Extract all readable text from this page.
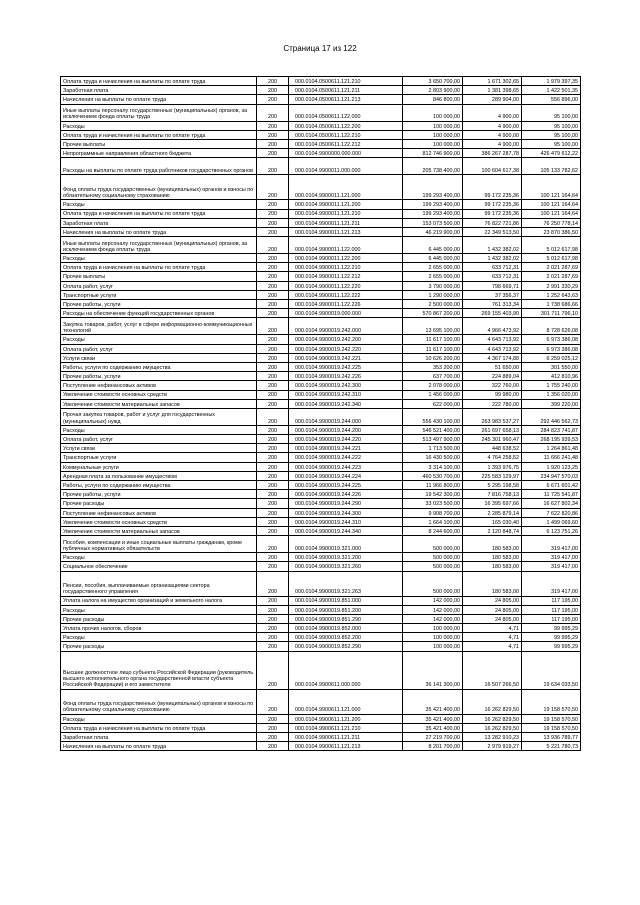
Страница 17 из 122
Оплата труда и начисления на выплаты по оплате труда	200	000.0104.0500611.121.210	3 650 700,00	1 671 302,65	1 979 397,35
Заработная плата	200	000.0104.0500611.121.211	2 803 900,00	1 381 398,65	1 422 501,35
Начисления на выплаты по оплате труда	200	000.0104.0500611.121.213	846 800,00	289 904,00	556 896,00
Иные выплаты персоналу государственных (муниципальных) органов, за исключением фонда оплаты труда	200	000.0104.0500611.122.000	100 000,00	4 900,00	95 100,00
Расходы	200	000.0104.0500611.122.200	100 000,00	4 900,00	95 100,00
Оплата труда и начисления на выплаты по оплате труда	200	000.0104.0500611.122.210	100 000,00	4 900,00	95 100,00
Прочие выплаты	200	000.0104.0500611.122.212	100 000,00	4 900,00	95 100,00
Непрограммные направления областного бюджета	200	000.0104.9900000.000.000	812 746 900,00	386 267 287,78	426 479 612,22
Расходы на выплаты по оплате труда работников государственных органов	200	000.0104.9900011.000.000	205 738 400,00	100 604 617,38	105 133 782,62
Фонд оплаты труда государственных (муниципальных) органов и взносы по обязательному социальному страхованию	200	000.0104.9900011.121.000	199 293 400,00	99 172 235,36	100 121 164,64
Расходы	200	000.0104.9900011.121.200	199 293 400,00	99 172 235,36	100 121 164,64
Оплата труда и начисления на выплаты по оплате труда	200	000.0104.9900011.121.210	199 293 400,00	99 172 235,36	100 121 164,64
Заработная плата	200	000.0104.9900011.121.211	153 073 500,00	76 822 721,86	76 250 778,14
Начисления на выплаты по оплате труда	200	000.0104.9900011.121.213	46 219 900,00	22 349 513,50	23 870 386,50
Иные выплаты персоналу государственных (муниципальных) органов, за исключением фонда оплаты труда	200	000.0104.9900011.122.000	6 445 000,00	1 432 382,02	5 012 617,98
Расходы	200	000.0104.9900011.122.200	6 445 000,00	1 432 382,02	5 012 617,98
Оплата труда и начисления на выплаты по оплате труда	200	000.0104.9900011.122.210	2 655 000,00	633 712,31	2 021 287,69
Прочие выплаты	200	000.0104.9900011.122.212	2 655 000,00	633 712,31	2 021 287,69
Оплата работ, услуг	200	000.0104.9900011.122.220	3 790 000,00	798 669,71	2 991 330,29
Транспортные услуги	200	000.0104.9900011.122.222	1 290 000,00	37 356,37	1 252 643,63
Прочие работы, услуги	200	000.0104.9900011.122.226	2 500 000,00	761 313,34	1 738 686,66
Расходы на обеспечение функций государственных органов	200	000.0104.9900019.000.000	570 867 200,00	269 155 403,90	301 711 796,10
Закупка товаров, работ, услуг в сфере информационно-коммуникационных технологий	200	000.0104.9900019.242.000	13 695 100,00	4 966 473,92	8 728 626,08
Расходы	200	000.0104.9900019.242.200	11 617 100,00	4 643 713,92	6 973 386,08
Оплата работ, услуг	200	000.0104.9900019.242.220	11 617 100,00	4 643 713,92	6 973 386,08
Услуги связи	200	000.0104.9900019.242.221	10 626 200,00	4 367 174,88	6 259 025,12
Работы, услуги по содержанию имущества	200	000.0104.9900019.242.225	353 200,00	51 650,00	301 550,00
Прочие работы, услуги	200	000.0104.9900019.242.226	637 700,00	224 889,04	412 810,96
Поступление нефинансовых активов	200	000.0104.9900019.242.300	2 078 000,00	322 760,00	1 755 240,00
Увеличение стоимости основных средств	200	000.0104.9900019.242.310	1 456 000,00	99 980,00	1 356 020,00
Увеличение стоимости материальных запасов	200	000.0104.9900019.242.340	622 000,00	222 780,00	399 220,00
Прочая закупка товаров, работ и услуг для государственных (муниципальных) нужд	200	000.0104.9900019.244.000	556 430 100,00	263 983 537,27	292 446 562,73
Расходы	200	000.0104.9900019.244.200	546 521 400,00	261 697 658,13	284 823 741,87
Оплата работ, услуг	200	000.0104.9900019.244.220	513 497 900,00	245 301 960,47	268 195 939,53
Услуги связи	200	000.0104.9900019.244.221	1 713 500,00	448 638,52	1 264 861,48
Транспортные услуги	200	000.0104.9900019.244.222	16 430 500,00	4 764 258,52	11 666 241,48
Коммунальные услуги	200	000.0104.9900019.244.223	3 314 100,00	1 393 976,75	1 920 123,25
Арендная плата за пользование имуществом	200	000.0104.9900019.244.224	460 530 700,00	225 583 129,97	234 947 570,03
Работы, услуги по содержанию имущества	200	000.0104.9900019.244.225	11 966 800,00	5 295 198,58	6 671 601,42
Прочие работы, услуги	200	000.0104.9900019.244.226	19 542 300,00	7 816 758,13	11 725 541,87
Прочие расходы	200	000.0104.9900019.244.290	33 023 500,00	16 395 697,66	16 627 802,34
Поступление нефинансовых активов	200	000.0104.9900019.244.300	9 908 700,00	2 285 879,14	7 622 820,86
Увеличение стоимости основных средств	200	000.0104.9900019.244.310	1 664 100,00	165 030,40	1 499 069,60
Увеличение стоимости материальных запасов	200	000.0104.9900019.244.340	8 244 600,00	2 120 848,74	6 123 751,26
Пособия, компенсации и иные социальные выплаты гражданам, кроме публичных нормативных обязательств	200	000.0104.9900019.321.000	500 000,00	180 583,00	319 417,00
Расходы	200	000.0104.9900019.321.200	500 000,00	180 583,00	319 417,00
Социальное обеспечение	200	000.0104.9900019.321.260	500 000,00	180 583,00	319 417,00
Пенсии, пособия, выплачиваемые организациями сектора государственного управления	200	000.0104.9900019.321.263	500 000,00	180 583,00	319 417,00
Уплата налога на имущество организаций и земельного налога	200	000.0104.9900019.851.000	142 000,00	24 805,00	117 195,00
Расходы	200	000.0104.9900019.851.200	142 000,00	24 805,00	117 195,00
Прочие расходы	200	000.0104.9900019.851.290	142 000,00	24 805,00	117 195,00
Уплата прочих налогов, сборов	200	000.0104.9900019.852.000	100 000,00	4,71	99 995,29
Расходы	200	000.0104.9900019.852.200	100 000,00	4,71	99 995,29
Прочие расходы	200	000.0104.9900019.852.290	100 000,00	4,71	99 995,29
Высшее должностное лицо субъекта Российской Федерации (руководитель высшего исполнительного органа государственной власти субъекта Российской Федерации) и его заместители	200	000.0104.9900611.000.000	36 141 300,00	16 507 266,50	19 634 033,50
Фонд оплаты труда государственных (муниципальных) органов и взносы по обязательному социальному страхованию	200	000.0104.9900611.121.000	35 421 400,00	16 262 829,50	19 158 570,50
Расходы	200	000.0104.9900611.121.200	35 421 400,00	16 262 829,50	19 158 570,50
Оплата труда и начисления на выплаты по оплате труда	200	000.0104.9900611.121.210	35 421 400,00	16 262 829,50	19 158 570,50
Заработная плата	200	000.0104.9900611.121.211	27 219 700,00	13 282 910,23	13 936 789,77
Начисления на выплаты по оплате труда	200	000.0104.9900611.121.213	8 201 700,00	2 979 919,27	5 221 780,73
